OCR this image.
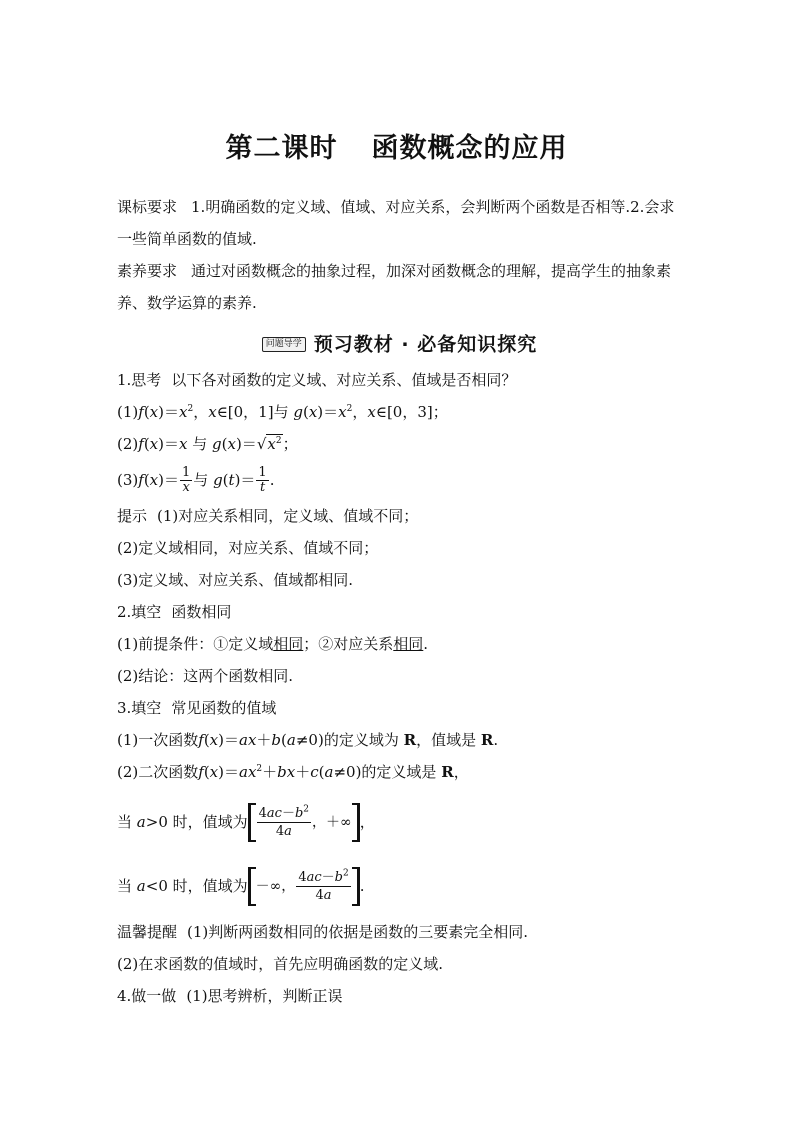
第二课时 函数概念的应用

课标要求 1.明确函数的定义域、值域、对应关系，会判断两个函数是否相等.2.会求一些简单函数的值域.

素养要求 通过对函数概念的抽象过程，加深对函数概念的理解，提高学生的抽象素养、数学运算的素养.

问题导学 预习教材 · 必备知识探究

1.思考 以下各对函数的定义域、对应关系、值域是否相同？

$(1)f(x)=x^2$，x∈[0，1]与 $g(x)=x^2$，x∈[0，3]；

(2)f(x)＝x 与 $g(x)=√x^2$；

$(3)f(x)= \frac{1}{x}$ 与 $g(t)= \frac{1}{t}$ .

提示 (1)对应关系相同，定义域、值域不同；

(2)定义域相同，对应关系、值域不同；

(3)定义域、对应关系、值域都相同.

2.填空 函数相同

(1)前提条件：①定义域相同；②对应关系相同.

(2)结论：这两个函数相同.

3.填空 常见函数的值域

(1)一次函数f(x)＝ax＋b(a≠0)的定义域为 R，值域是 R.

(2)二次函数$f(x)=ax^2+bx+c(a\ne 0)$的定义域是 R，

当 a>0 时，值域为 $\frac{4ac-b^2}{4a}$ ，＋∞ ，

当 a<0 时，值域为 －∞， $\frac{4ac-b^2}{4a}$ .

温馨提醒 (1)判断两函数相同的依据是函数的三要素完全相同.

(2)在求函数的值域时，首先应明确函数的定义域.

4.做一做 (1)思考辨析，判断正误
